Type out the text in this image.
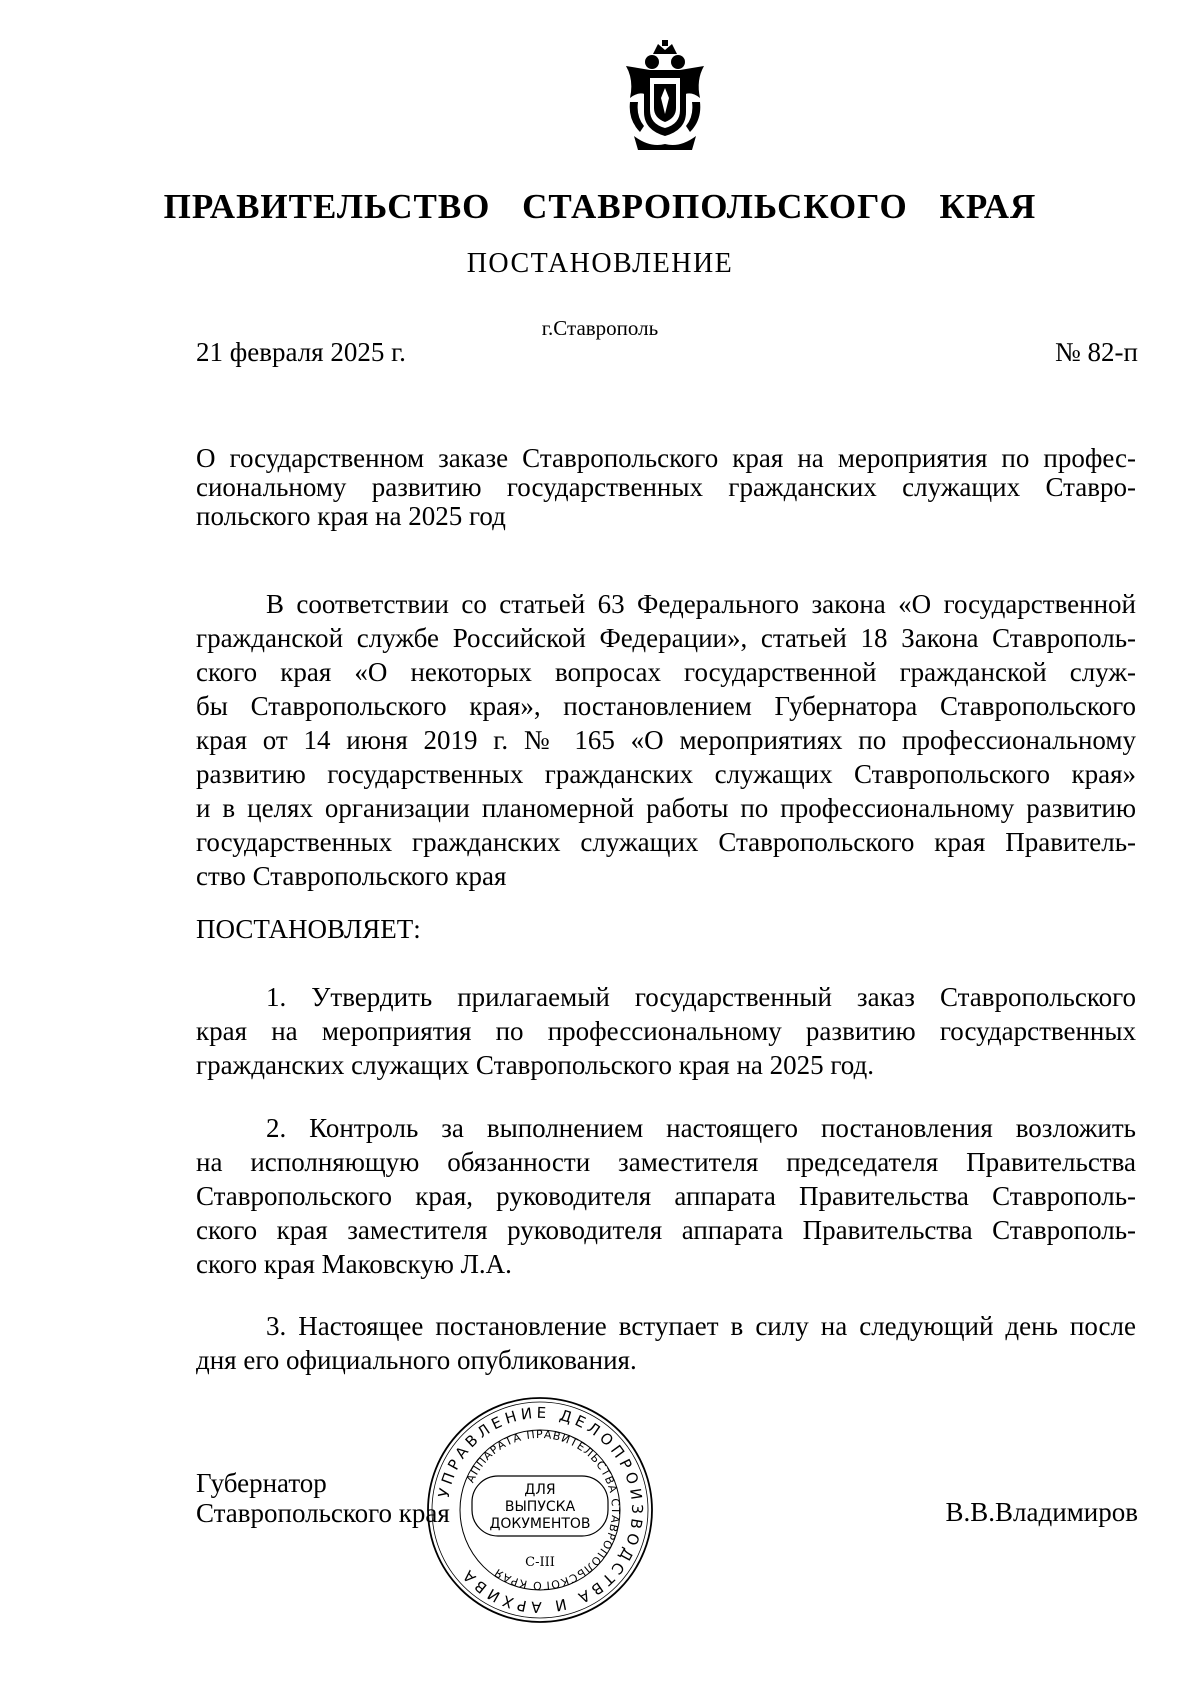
ПРАВИТЕЛЬСТВО СТАВРОПОЛЬСКОГО КРАЯ
ПОСТАНОВЛЕНИЕ
г.Ставрополь
21 февраля 2025 г.	№ 82-п
О государственном заказе Ставропольского края на мероприятия по профес-
сиональному развитию государственных гражданских служащих Ставро-
польского края на 2025 год
В соответствии со статьей 63 Федерального закона «О государственной
гражданской службе Российской Федерации», статьей 18 Закона Ставрополь-
ского края «О некоторых вопросах государственной гражданской служ-
бы Ставропольского края», постановлением Губернатора Ставропольского
края от 14 июня 2019 г. № 165 «О мероприятиях по профессиональному
развитию государственных гражданских служащих Ставропольского края»
и в целях организации планомерной работы по профессиональному развитию
государственных гражданских служащих Ставропольского края Правитель-
ство Ставропольского края
ПОСТАНОВЛЯЕТ:
1. Утвердить прилагаемый государственный заказ Ставропольского
края на мероприятия по профессиональному развитию государственных
гражданских служащих Ставропольского края на 2025 год.
2. Контроль за выполнением настоящего постановления возложить
на исполняющую обязанности заместителя председателя Правительства
Ставропольского края, руководителя аппарата Правительства Ставрополь-
ского края заместителя руководителя аппарата Правительства Ставрополь-
ского края Маковскую Л.А.
3. Настоящее постановление вступает в силу на следующий день после
дня его официального опубликования.
Губернатор
Ставропольского края	В.В.Владимиров
УПРАВЛЕНИЕ ДЕЛОПРОИЗВОДСТВА И АРХИВА
АППАРАТА ПРАВИТЕЛЬСТВА СТАВРОПОЛЬСКОГО КРАЯ
ДЛЯ
ВЫПУСКА
ДОКУМЕНТОВ
С-III
